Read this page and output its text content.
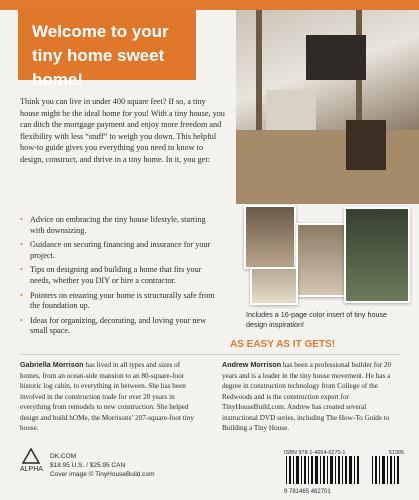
Welcome to your tiny home sweet home!
Think you can live in under 400 square feet? If so, a tiny house might be the ideal home for you! With a tiny house, you can ditch the mortgage payment and enjoy more freedom and flexibility with less “stuff” to weigh you down. This helpful how-to guide gives you everything you need to know to design, construct, and thrive in a tiny home. In it, you get:
• Advice on embracing the tiny house lifestyle, starting with downsizing.
• Guidance on securing financing and insurance for your project.
• Tips on designing and building a home that fits your needs, whether you DIY or hire a contractor.
• Pointers on ensuring your home is structurally safe from the foundation up.
• Ideas for organizing, decorating, and loving your new small space.
Includes a 16-page color insert of tiny house design inspiration!
AS EASY AS IT GETS!
Gabriella Morrison has lived in all types and sizes of homes, from an ocean-side mansion to an 80-square-foot historic log cabin, to everything in between. She has been involved in the construction trade for over 20 years in everything from remodels to new construction. She helped design and build hOMe, the Morrisons’ 207-square-foot tiny house.
Andrew Morrison has been a professional builder for 20 years and is a leader in the tiny house movement. He has a degree in construction technology from College of the Redwoods and is the construction expert for TinyHouseBuild.com. Andrew has created several instructional DVD series, including The How-To Guide to Building a Tiny House.
ALPHA
DK.COM
$18.95 U.S. / $25.95 CAN
Cover image © TinyHouseBuild.com
ISBN 978-1-4654-6270-1	51995
9 781465 462701
